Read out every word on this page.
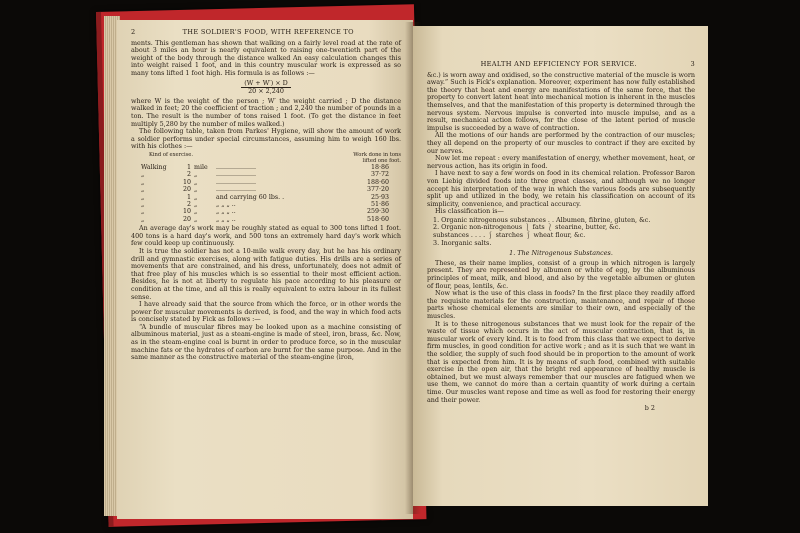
2	THE SOLDIER'S FOOD, WITH REFERENCE TO

ments. This gentleman has shown that walking on a fairly level road at the rate of about 3 miles an hour is nearly equivalent to raising one-twentieth part of the weight of the body through the distance walked An easy calculation changes this into weight raised 1 foot, and in this country muscular work is expressed as so many tons lifted 1 foot high. His formula is as follows :—

$\frac{(W + W') \times D}{20 \times 2,240}$

where W is the weight of the person ; W′ the weight carried ; D the distance walked in feet; 20 the coefficient of traction ; and 2,240 the number of pounds in a ton. The result is the number of tons raised 1 foot. (To get the distance in feet multiply 5,280 by the number of miles walked.)

The following table, taken from Parkes' Hygiene, will show the amount of work a soldier performs under special circumstances, assuming him to weigh 160 lbs. with his clothes :—

Kind of exercise.				Work done in tons lifted one foot.
Walking	1	mile	....................	18·86
„	2	„	....................	37·72
„	10	„	....................	188·60
„	20	„	....................	377·20
„	1	„	and carrying 60 lbs. .	25·93
„	2	„	„ „ „ ..	51·86
„	10	„	„ „ „ ..	259·30
„	20	„	„ „ „ ..	518·60

An average day's work may be roughly stated as equal to 300 tons lifted 1 foot. 400 tons is a hard day's work, and 500 tons an extremely hard day's work which few could keep up continuously.

It is true the soldier has not a 10-mile walk every day, but he has his ordinary drill and gymnastic exercises, along with fatigue duties. His drills are a series of movements that are constrained, and his dress, unfortunately, does not admit of that free play of his muscles which is so essential to their most efficient action. Besides, he is not at liberty to regulate his pace according to his pleasure or condition at the time, and all this is really equivalent to extra labour in its fullest sense.

I have already said that the source from which the force, or in other words the power for muscular movements is derived, is food, and the way in which food acts is concisely stated by Fick as follows :—

“A bundle of muscular fibres may be looked upon as a machine consisting of albuminous material, just as a steam-engine is made of steel, iron, brass, &c. Now, as in the steam-engine coal is burnt in order to produce force, so in the muscular machine fats or the hydrates of carbon are burnt for the same purpose. And in the same manner as the constructive material of the steam-engine (iron,

HEALTH AND EFFICIENCY FOR SERVICE.	3

&c.) is worn away and oxidised, so the constructive material of the muscle is worn away.” Such is Fick's explanation. Moreover, experiment has now fully established the theory that heat and energy are manifestations of the same force, that the property to convert latent heat into mechanical motion is inherent in the muscles themselves, and that the manifestation of this property is determined through the nervous system. Nervous impulse is converted into muscle impulse, and as a result, mechanical action follows, for the close of the latent period of muscle impulse is succeeded by a wave of contraction.

All the motions of our hands are performed by the contraction of our muscles; they all depend on the property of our muscles to contract if they are excited by our nerves.

Now let me repeat : every manifestation of energy, whether movement, heat, or nervous action, has its origin in food.

I have next to say a few words on food in its chemical relation. Professor Baron von Liebig divided foods into three great classes, and although we no longer accept his interpretation of the way in which the various foods are subsequently split up and utilized in the body, we retain his classification on account of its simplicity, convenience, and practical accuracy.

His classification is—

1. Organic nitrogenous substances . . Albumen, fibrine, gluten, &c.
2. Organic non-nitrogenous ⎱ fats ⎱ stearine, butter, &c.
substances . . . . ⎰ starches ⎰ wheat flour, &c.
3. Inorganic salts.
1. The Nitrogenous Substances.

These, as their name implies, consist of a group in which nitrogen is largely present. They are represented by albumen or white of egg, by the albuminous principles of meat, milk, and blood, and also by the vegetable albumen or gluten of flour, peas, lentils, &c.

Now what is the use of this class in foods? In the first place they readily afford the requisite materials for the construction, maintenance, and repair of those parts whose chemical elements are similar to their own, and especially of the muscles.

It is to these nitrogenous substances that we must look for the repair of the waste of tissue which occurs in the act of muscular contraction, that is, in muscular work of every kind. It is to food from this class that we expect to derive firm muscles, in good condition for active work ; and as it is such that we want in the soldier, the supply of such food should be in proportion to the amount of work that is expected from him. It is by means of such food, combined with suitable exercise in the open air, that the bright red appearance of healthy muscle is obtained, but we must always remember that our muscles are fatigued when we use them, we cannot do more than a certain quantity of work during a certain time. Our muscles want repose and time as well as food for restoring their energy and their power.

b 2
